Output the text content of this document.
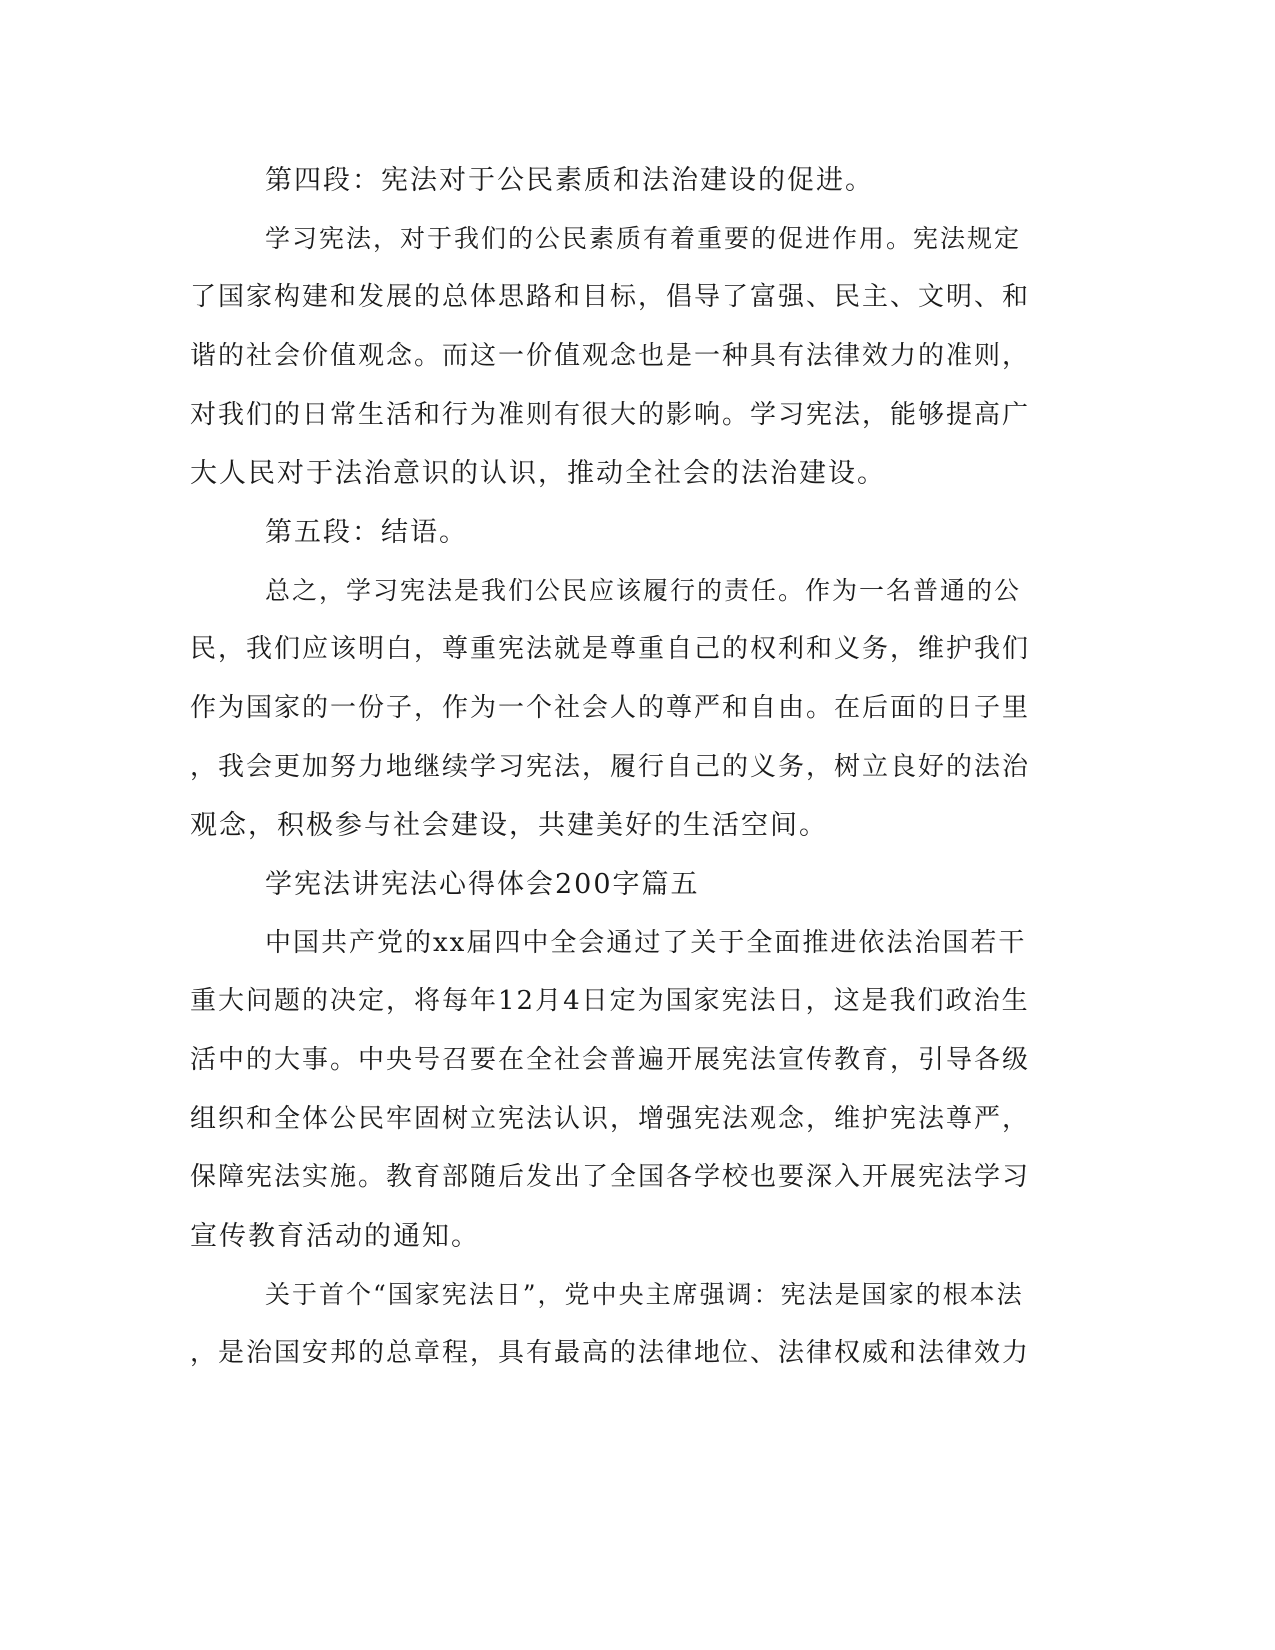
第四段：宪法对于公民素质和法治建设的促进。
学习宪法，对于我们的公民素质有着重要的促进作用。宪法规定
了国家构建和发展的总体思路和目标，倡导了富强、民主、文明、和
谐的社会价值观念。而这一价值观念也是一种具有法律效力的准则，
对我们的日常生活和行为准则有很大的影响。学习宪法，能够提高广
大人民对于法治意识的认识，推动全社会的法治建设。
第五段：结语。
总之，学习宪法是我们公民应该履行的责任。作为一名普通的公
民，我们应该明白，尊重宪法就是尊重自己的权利和义务，维护我们
作为国家的一份子，作为一个社会人的尊严和自由。在后面的日子里
，我会更加努力地继续学习宪法，履行自己的义务，树立良好的法治
观念，积极参与社会建设，共建美好的生活空间。
学宪法讲宪法心得体会200字篇五
中国共产党的xx届四中全会通过了关于全面推进依法治国若干
重大问题的决定，将每年12月4日定为国家宪法日，这是我们政治生
活中的大事。中央号召要在全社会普遍开展宪法宣传教育，引导各级
组织和全体公民牢固树立宪法认识，增强宪法观念，维护宪法尊严，
保障宪法实施。教育部随后发出了全国各学校也要深入开展宪法学习
宣传教育活动的通知。
关于首个“国家宪法日”，党中央主席强调：宪法是国家的根本法
，是治国安邦的总章程，具有最高的法律地位、法律权威和法律效力
